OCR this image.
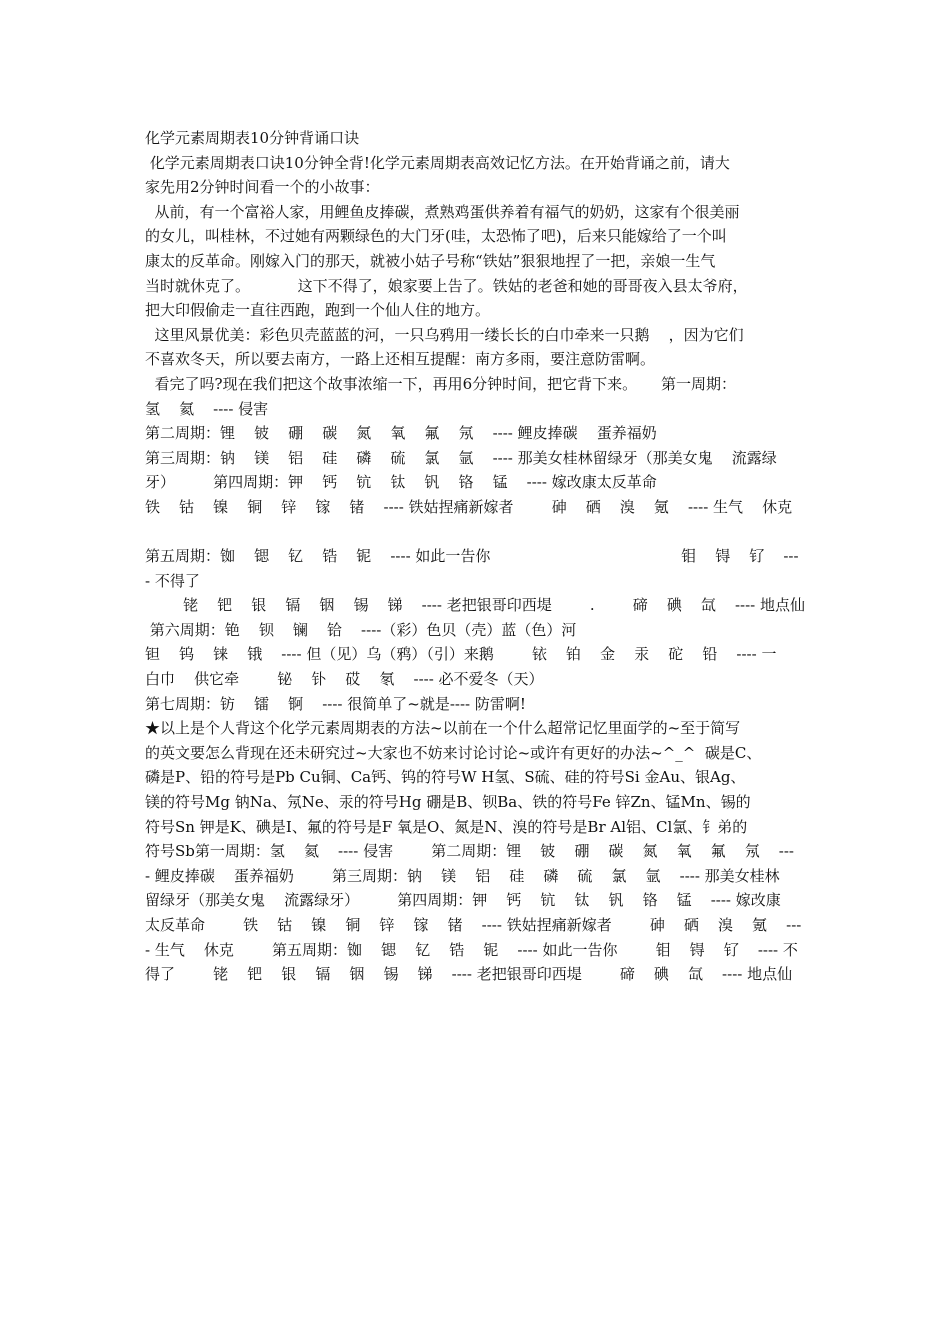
化学元素周期表10分钟背诵口诀
化学元素周期表口诀10分钟全背!化学元素周期表高效记忆方法。在开始背诵之前，请大
家先用2分钟时间看一个的小故事：
从前，有一个富裕人家，用鲤鱼皮捧碳，煮熟鸡蛋供养着有福气的奶奶，这家有个很美丽
的女儿，叫桂林，不过她有两颗绿色的大门牙(哇，太恐怖了吧)，后来只能嫁给了一个叫
康太的反革命。刚嫁入门的那天，就被小姑子号称“铁姑”狠狠地捏了一把，亲娘一生气
当时就休克了。          这下不得了，娘家要上告了。铁姑的老爸和她的哥哥夜入县太爷府，
把大印假偷走一直往西跑，跑到一个仙人住的地方。
这里风景优美：彩色贝壳蓝蓝的河，一只乌鸦用一缕长长的白巾牵来一只鹅    ，因为它们
不喜欢冬天，所以要去南方，一路上还相互提醒：南方多雨，要注意防雷啊。
看完了吗?现在我们把这个故事浓缩一下，再用6分钟时间，把它背下来。     第一周期：
氢    氦    ---- 侵害
第二周期：锂    铍    硼    碳    氮    氧    氟    氖    ---- 鲤皮捧碳    蛋养福奶
第三周期：钠    镁    铝    硅    磷    硫    氯    氩    ---- 那美女桂林留绿牙（那美女鬼    流露绿
牙）        第四周期：钾    钙    钪    钛    钒    铬    锰    ---- 嫁改康太反革命
铁    钴    镍    铜    锌    镓    锗    ---- 铁姑捏痛新嫁者        砷    硒    溴    氪    ---- 生气    休克
第五周期：铷    锶    钇    锆    铌    ---- 如此一告你                                        钼    锝    钌    ---
- 不得了
铑    钯    银    镉    铟    锡    锑    ---- 老把银哥印西堤        .        碲    碘    氙    ---- 地点仙
第六周期：铯    钡    镧    铪    ----（彩）色贝（壳）蓝（色）河
钽    钨    铼    锇    ---- 但（见）乌（鸦）（引）来鹅        铱    铂    金    汞    砣    铅    ---- 一
白巾    供它牵        铋    钋    砹    氡    ---- 必不爱冬（天）
第七周期：钫    镭    锕    ---- 很简单了~就是---- 防雷啊!
★以上是个人背这个化学元素周期表的方法~以前在一个什么超常记忆里面学的~至于简写
的英文要怎么背现在还未研究过~大家也不妨来讨论讨论~或许有更好的办法~^_^  碳是C、
磷是P、铅的符号是Pb Cu铜、Ca钙、钨的符号W H氢、S硫、硅的符号Si 金Au、银Ag、
镁的符号Mg 钠Na、氖Ne、汞的符号Hg 硼是B、钡Ba、铁的符号Fe 锌Zn、锰Mn、锡的
符号Sn 钾是K、碘是I、氟的符号是F 氧是O、氮是N、溴的符号是Br Al铝、Cl氯、钅弟的
符号Sb第一周期：氢    氦    ---- 侵害        第二周期：锂    铍    硼    碳    氮    氧    氟    氖    ---
- 鲤皮捧碳    蛋养福奶        第三周期：钠    镁    铝    硅    磷    硫    氯    氩    ---- 那美女桂林
留绿牙（那美女鬼    流露绿牙）        第四周期：钾    钙    钪    钛    钒    铬    锰    ---- 嫁改康
太反革命        铁    钴    镍    铜    锌    镓    锗    ---- 铁姑捏痛新嫁者        砷    硒    溴    氪    ---
- 生气    休克        第五周期：铷    锶    钇    锆    铌    ---- 如此一告你        钼    锝    钌    ---- 不
得了        铑    钯    银    镉    铟    锡    锑    ---- 老把银哥印西堤        碲    碘    氙    ---- 地点仙
